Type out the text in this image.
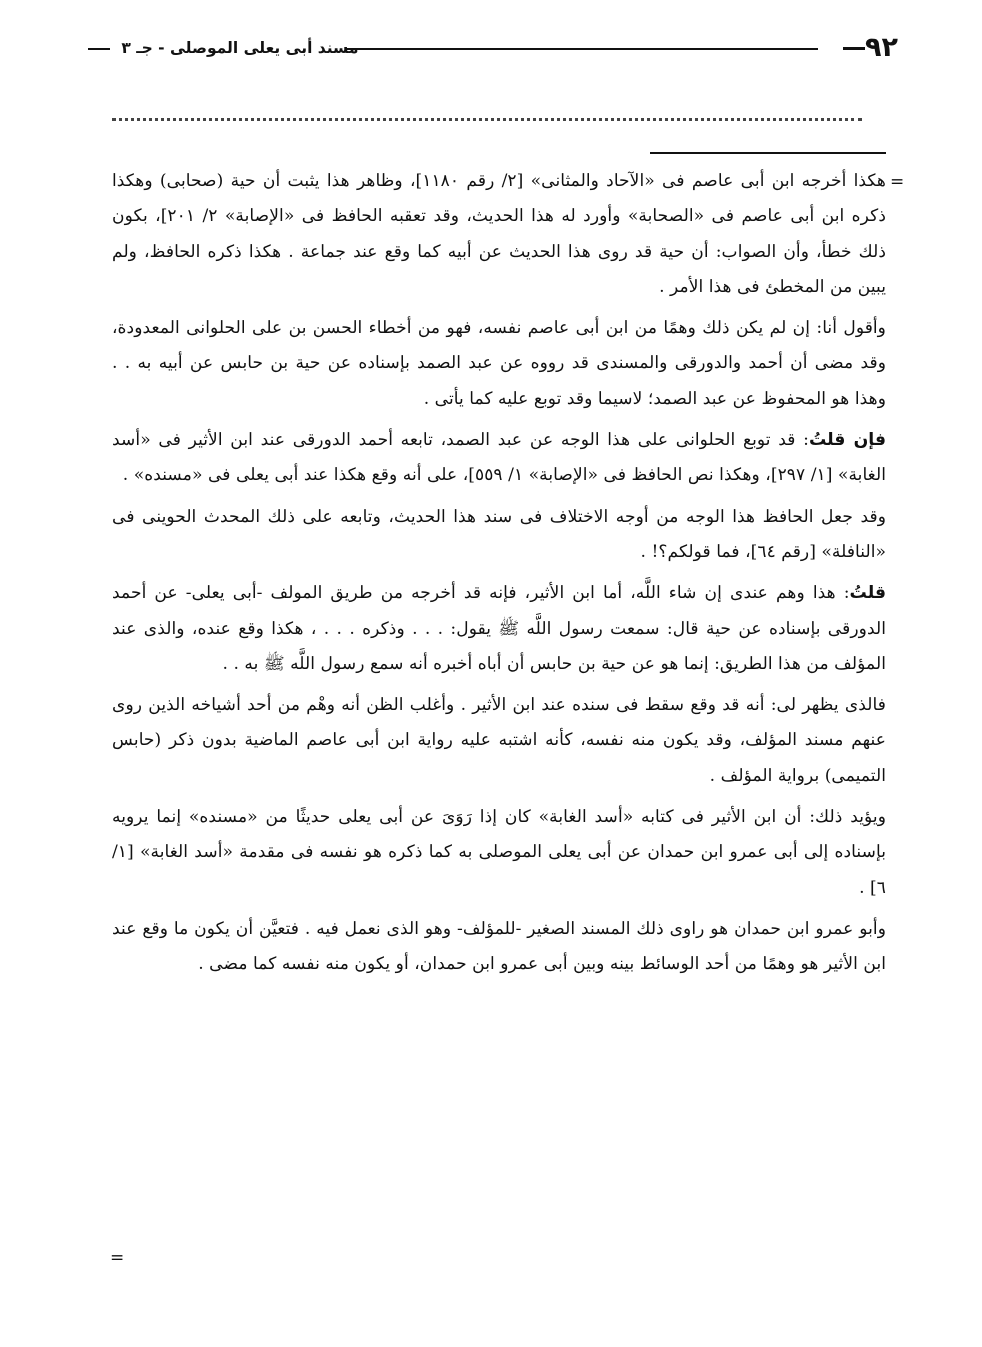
٩٢
مسند أبى يعلى الموصلى - جـ ٣
=

هكذا أخرجه ابن أبى عاصم فى «الآحاد والمثانى» [٢/ رقم ١١٨٠]، وظاهر هذا يثبت أن حية (صحابى) وهكذا ذكره ابن أبى عاصم فى «الصحابة» وأورد له هذا الحديث، وقد تعقبه الحافظ فى «الإصابة» ٢/ ٢٠١]، بكون ذلك خطأ، وأن الصواب: أن حية قد روى هذا الحديث عن أبيه كما وقع عند جماعة . هكذا ذكره الحافظ، ولم يبين من المخطئ فى هذا الأمر .

وأقول أنا: إن لم يكن ذلك وهمًا من ابن أبى عاصم نفسه، فهو من أخطاء الحسن بن على الحلوانى المعدودة، وقد مضى أن أحمد والدورقى والمسندى قد رووه عن عبد الصمد بإسناده عن حية بن حابس عن أبيه به . . وهذا هو المحفوظ عن عبد الصمد؛ لاسيما وقد توبع عليه كما يأتى .

فإن قلتُ: قد توبع الحلوانى على هذا الوجه عن عبد الصمد، تابعه أحمد الدورقى عند ابن الأثير فى «أسد الغابة» [١/ ٢٩٧]، وهكذا نص الحافظ فى «الإصابة» ١/ ٥٥٩]، على أنه وقع هكذا عند أبى يعلى فى «مسنده» .

وقد جعل الحافظ هذا الوجه من أوجه الاختلاف فى سند هذا الحديث، وتابعه على ذلك المحدث الحوينى فى «النافلة» [رقم ٦٤]، فما قولكم؟! .

قلتُ: هذا وهم عندى إن شاء اللَّه، أما ابن الأثير، فإنه قد أخرجه من طريق المولف -أبى يعلى- عن أحمد الدورقى بإسناده عن حية قال: سمعت رسول اللَّه ﷺ يقول: . . . وذكره . . . ، هكذا وقع عنده، والذى عند المؤلف من هذا الطريق: إنما هو عن حية بن حابس أن أباه أخبره أنه سمع رسول اللَّه ﷺ به . .

فالذى يظهر لى: أنه قد وقع سقط فى سنده عند ابن الأثير . وأغلب الظن أنه وهْم من أحد أشياخه الذين روى عنهم مسند المؤلف، وقد يكون منه نفسه، كأنه اشتبه عليه رواية ابن أبى عاصم الماضية بدون ذكر (حابس التميمى) برواية المؤلف .

ويؤيد ذلك: أن ابن الأثير فى كتابه «أسد الغابة» كان إذا رَوَىَ عن أبى يعلى حديثًا من «مسنده» إنما يرويه بإسناده إلى أبى عمرو ابن حمدان عن أبى يعلى الموصلى به كما ذكره هو نفسه فى مقدمة «أسد الغابة» [١/ ٦] .

وأبو عمرو ابن حمدان هو راوى ذلك المسند الصغير -للمؤلف- وهو الذى نعمل فيه . فتعيَّن أن يكون ما وقع عند ابن الأثير هو وهمًا من أحد الوسائط بينه وبين أبى عمرو ابن حمدان، أو يكون منه نفسه كما مضى .

=
